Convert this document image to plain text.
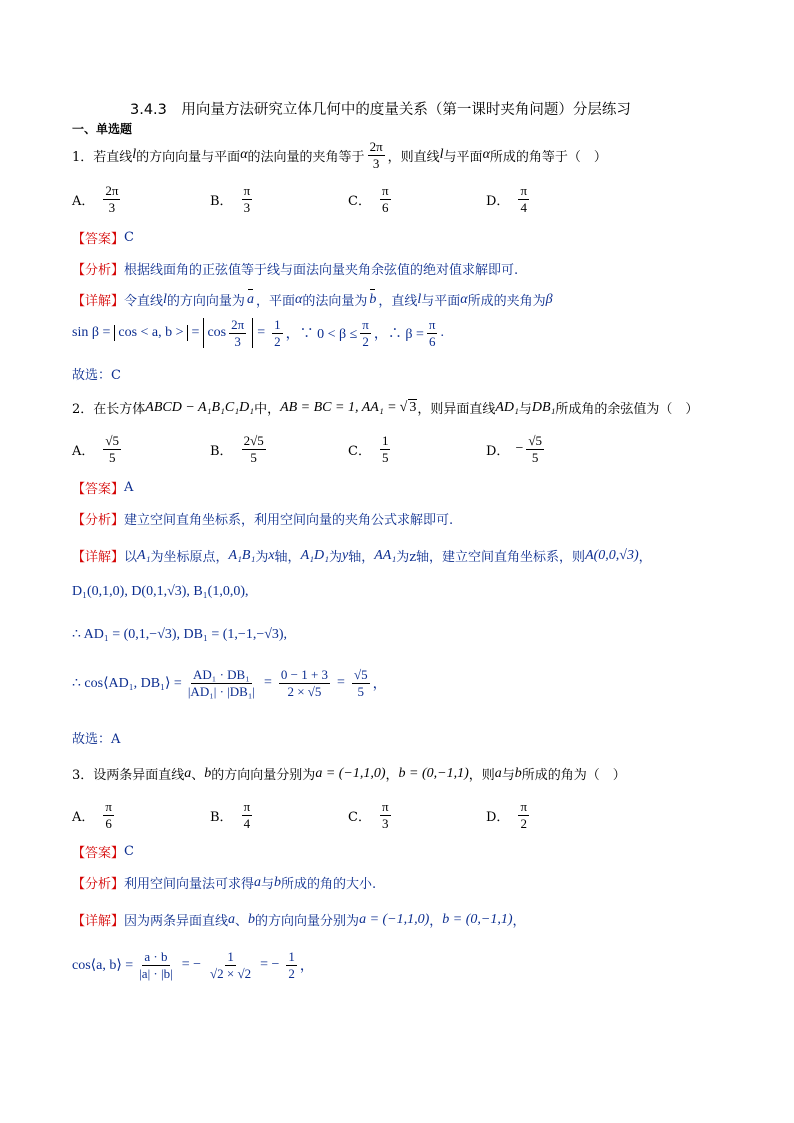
3.4.3 用向量方法研究立体几何中的度量关系（第一课时夹角问题）分层练习
一、单选题
1．若直线 l 的方向向量与平面 α 的法向量的夹角等于 $\frac{2\pi}{3}$ ，则直线 l 与平面 α 所成的角等于（　）
A． $\frac{2\pi}{3}$	B． $\frac{\pi}{3}$	C． $\frac{\pi}{6}$	D． $\frac{\pi}{4}$
【答案】 C
【分析】 根据线面角的正弦值等于线与面法向量夹角余弦值的绝对值求解即可.
【详解】 令直线 l 的方向向量为 a ，平面 α 的法向量为 b ，直线 l 与平面 α 所成的夹角为 β
sin β = cos < a, b > = $\cos \frac{2\pi}{3} = \frac{1}{2}$ ，∵ $0 < \beta \le \frac{\pi}{2}$ ，∴ $\beta = \frac{\pi}{6}$ .
故选：C
2．在长方体 ABCD − A₁B₁C₁D₁ 中， AB = BC = 1, AA₁ = √ 3 ，则异面直线 AD₁ 与 DB₁ 所成角的余弦值为（　）
A． $\frac{√5}{5}$	B． $\frac{2√5}{5}$	C． $\frac{1}{5}$	D． − $\frac{√5}{5}$
【答案】 A
【分析】 建立空间直角坐标系，利用空间向量的夹角公式求解即可.
【详解】 以 A₁ 为坐标原点， A₁B₁ 为 x 轴， A₁D₁ 为 y 轴， AA₁ 为z轴，建立空间直角坐标系，则 A(0,0,√3) ，
D₁(0,1,0), D(0,1,√3), B₁(1,0,0),
∴ AD₁ = (0,1,−√3), DB₁ = (1,−1,−√3),
∴ cos⟨AD₁, DB₁⟩ = $\frac{\text{AD₁ · DB₁}}{\text{|AD₁| · |DB₁|}} = \frac{0 - 1 + 3}{2 \times √5} = \frac{√5}{5}$ ，
故选：A
3．设两条异面直线 a 、 b 的方向向量分别为 a = (−1,1,0) ， b = (0,−1,1) ，则 a 与 b 所成的角为（　）
A． $\frac{\pi}{6}$	B． $\frac{\pi}{4}$	C． $\frac{\pi}{3}$	D． $\frac{\pi}{2}$
【答案】 C
【分析】 利用空间向量法可求得 a 与 b 所成的角的大小.
【详解】 因为两条异面直线 a 、 b 的方向向量分别为 a = (−1,1,0) ， b = (0,−1,1) ，
cos⟨a, b⟩ = $\frac{a \cdot b}{|a| \cdot |b|}$ = − $\frac{1}{√2 \times √2}$ = − $\frac{1}{2}$ ，
